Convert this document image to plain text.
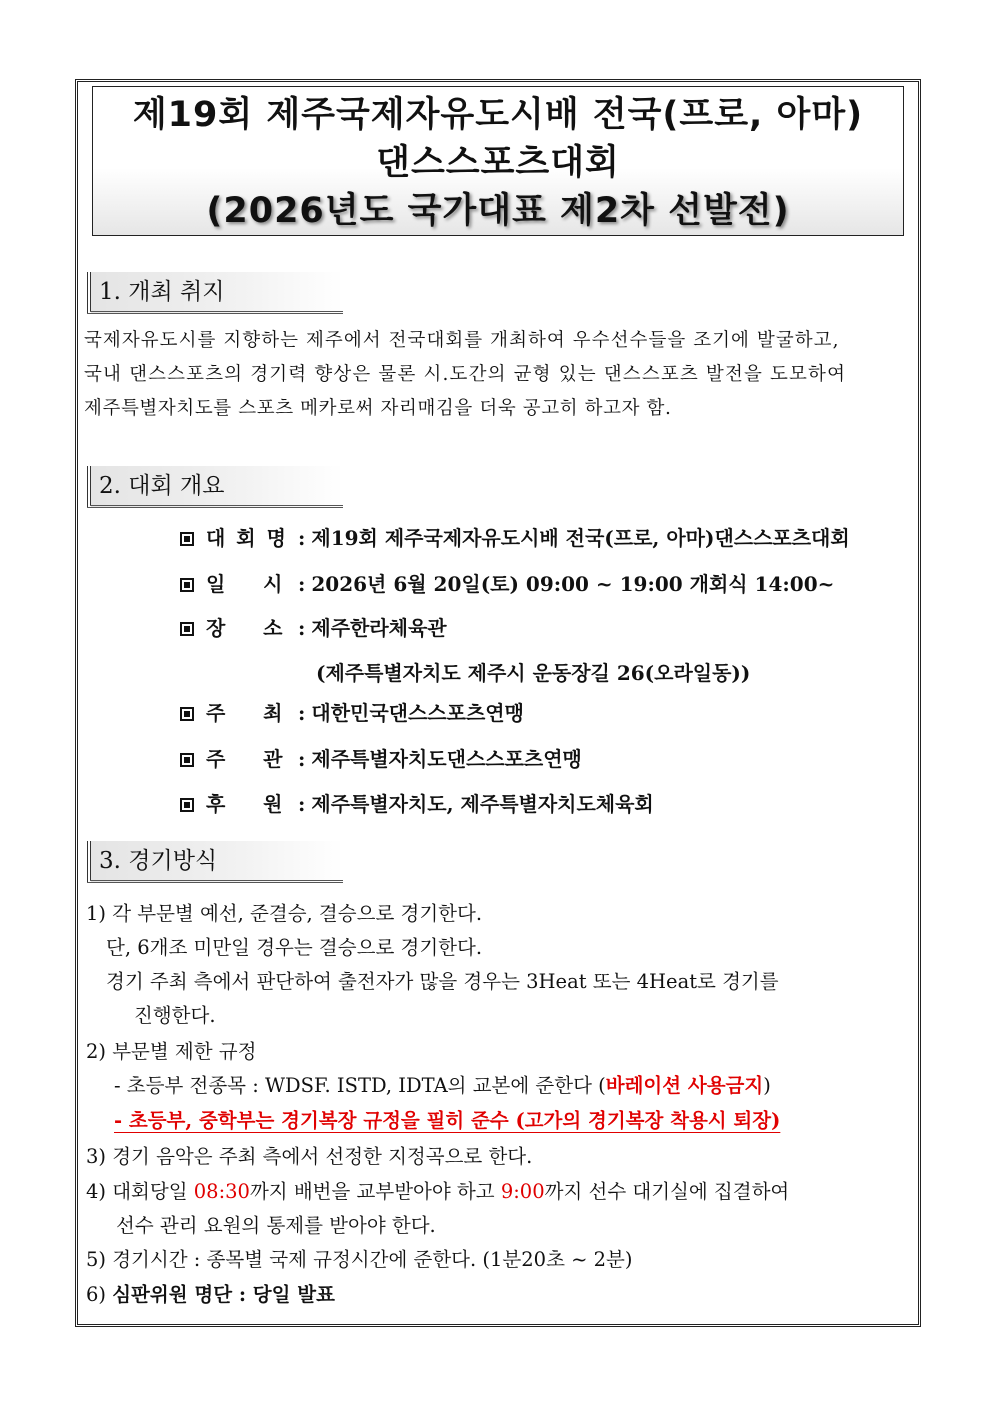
제19회 제주국제자유도시배 전국(프로, 아마)
댄스스포츠대회
(2026년도 국가대표 제2차 선발전)
1. 개최 취지
국제자유도시를 지향하는 제주에서 전국대회를 개최하여 우수선수들을 조기에 발굴하고,
국내 댄스스포츠의 경기력 향상은 물론 시.도간의 균형 있는 댄스스포츠 발전을 도모하여
제주특별자치도를 스포츠 메카로써 자리매김을 더욱 공고히 하고자 함.
2. 대회 개요
대 회 명 : 제19회 제주국제자유도시배 전국(프로, 아마)댄스스포츠대회
일    시 : 2026년 6월 20일(토) 09:00 ~ 19:00 개회식 14:00~
장    소 : 제주한라체육관
(제주특별자치도 제주시 운동장길 26(오라일동))
주    최 : 대한민국댄스스포츠연맹
주    관 : 제주특별자치도댄스스포츠연맹
후    원 : 제주특별자치도, 제주특별자치도체육회
3. 경기방식
1) 각 부문별 예선, 준결승, 결승으로 경기한다.
단, 6개조 미만일 경우는 결승으로 경기한다.
경기 주최 측에서 판단하여 출전자가 많을 경우는 3Heat 또는 4Heat로 경기를
진행한다.
2) 부문별 제한 규정
- 초등부 전종목 : WDSF. ISTD, IDTA의 교본에 준한다 (바레이션 사용금지)
- 초등부, 중학부는 경기복장 규정을 필히 준수 (고가의 경기복장 착용시 퇴장)
3) 경기 음악은 주최 측에서 선정한 지정곡으로 한다.
4) 대회당일 08:30까지 배번을 교부받아야 하고 9:00까지 선수 대기실에 집결하여
선수 관리 요원의 통제를 받아야 한다.
5) 경기시간 : 종목별 국제 규정시간에 준한다. (1분20초 ~ 2분)
6) 심판위원 명단 : 당일 발표
